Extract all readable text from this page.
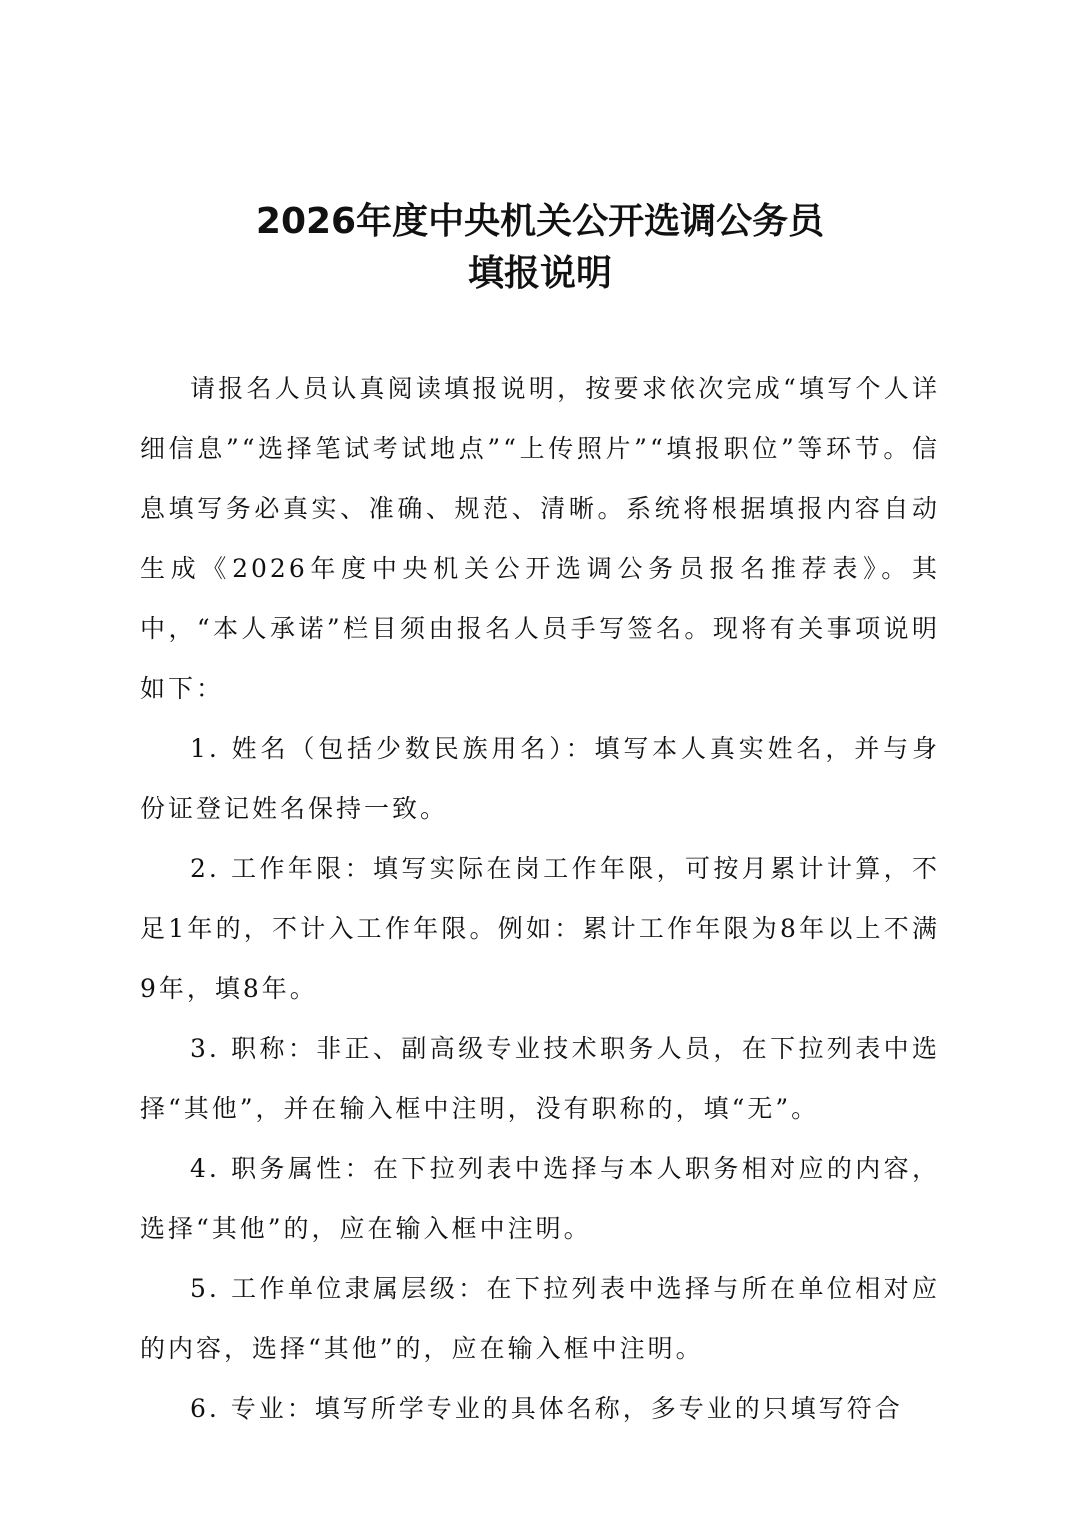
2026年度中央机关公开选调公务员
填报说明

请报名人员认真阅读填报说明，按要求依次完成“填写个人详细信息”“选择笔试考试地点”“上传照片”“填报职位”等环节。信息填写务必真实、准确、规范、清晰。系统将根据填报内容自动生成《2026年度中央机关公开选调公务员报名推荐表》。其中，“本人承诺”栏目须由报名人员手写签名。现将有关事项说明如下：

1. 姓名（包括少数民族用名）：填写本人真实姓名，并与身份证登记姓名保持一致。

2. 工作年限：填写实际在岗工作年限，可按月累计计算，不足1年的，不计入工作年限。例如：累计工作年限为8年以上不满9年，填8年。

3. 职称：非正、副高级专业技术职务人员，在下拉列表中选择“其他”，并在输入框中注明，没有职称的，填“无”。

4. 职务属性：在下拉列表中选择与本人职务相对应的内容，选择“其他”的，应在输入框中注明。

5. 工作单位隶属层级：在下拉列表中选择与所在单位相对应的内容，选择“其他”的，应在输入框中注明。

6. 专业：填写所学专业的具体名称，多专业的只填写符合
